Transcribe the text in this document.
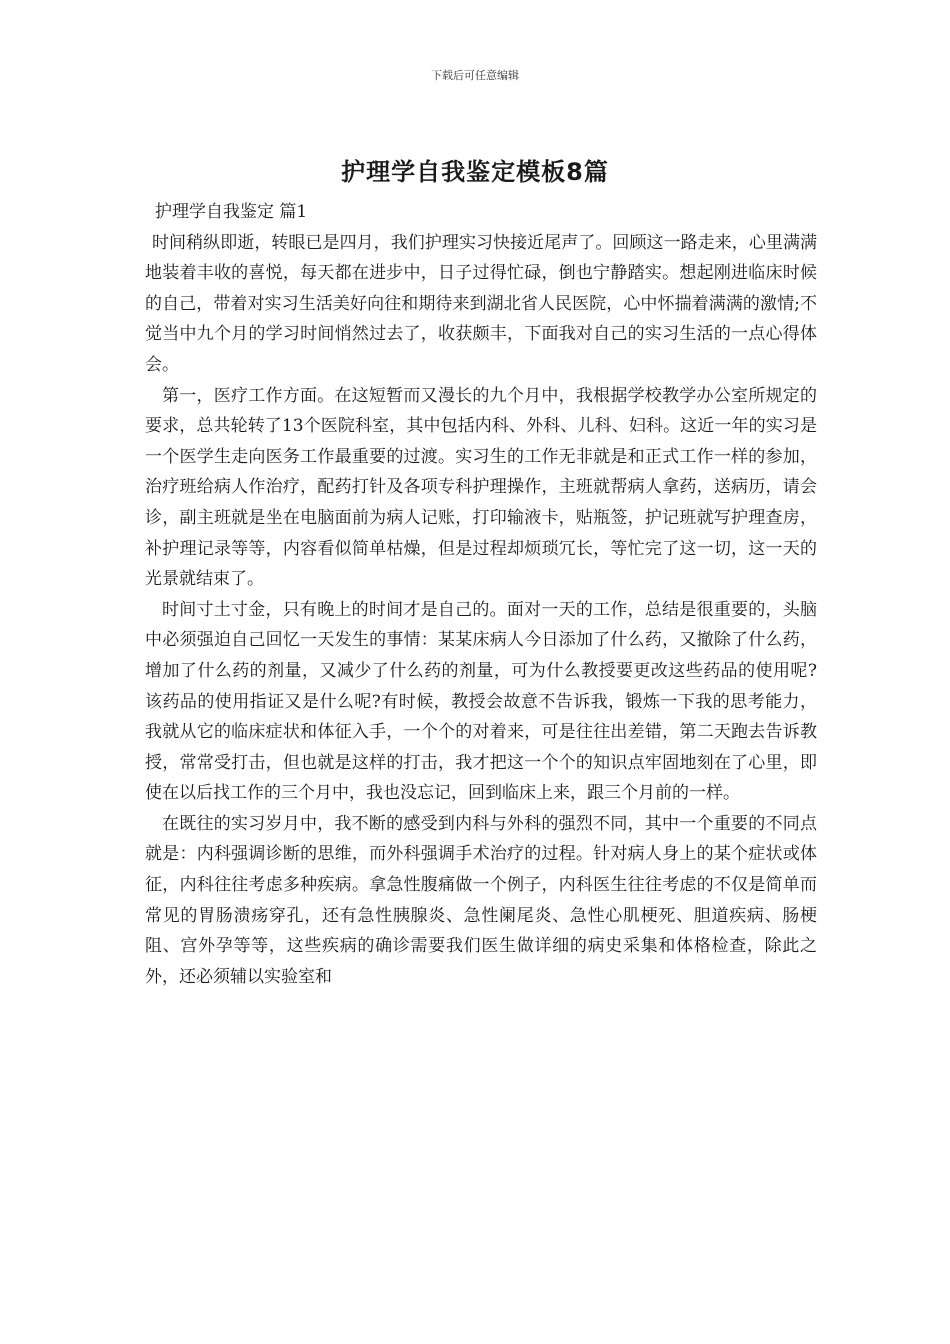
下载后可任意编辑
护理学自我鉴定模板8篇

护理学自我鉴定 篇1

时间稍纵即逝，转眼已是四月，我们护理实习快接近尾声了。回顾这一路走来，心里满满地装着丰收的喜悦，每天都在进步中，日子过得忙碌，倒也宁静踏实。想起刚进临床时候的自己，带着对实习生活美好向往和期待来到湖北省人民医院，心中怀揣着满满的激情;不觉当中九个月的学习时间悄然过去了，收获颇丰，下面我对自己的实习生活的一点心得体会。

第一，医疗工作方面。在这短暂而又漫长的九个月中，我根据学校教学办公室所规定的要求，总共轮转了13个医院科室，其中包括内科、外科、儿科、妇科。这近一年的实习是一个医学生走向医务工作最重要的过渡。实习生的工作无非就是和正式工作一样的参加，治疗班给病人作治疗，配药打针及各项专科护理操作，主班就帮病人拿药，送病历，请会诊，副主班就是坐在电脑面前为病人记账，打印输液卡，贴瓶签，护记班就写护理查房，补护理记录等等，内容看似简单枯燥，但是过程却烦琐冗长，等忙完了这一切，这一天的光景就结束了。

时间寸土寸金，只有晚上的时间才是自己的。面对一天的工作，总结是很重要的，头脑中必须强迫自己回忆一天发生的事情：某某床病人今日添加了什么药，又撤除了什么药，增加了什么药的剂量，又减少了什么药的剂量，可为什么教授要更改这些药品的使用呢?该药品的使用指证又是什么呢?有时候，教授会故意不告诉我，锻炼一下我的思考能力，我就从它的临床症状和体征入手，一个个的对着来，可是往往出差错，第二天跑去告诉教授，常常受打击，但也就是这样的打击，我才把这一个个的知识点牢固地刻在了心里，即使在以后找工作的三个月中，我也没忘记，回到临床上来，跟三个月前的一样。

在既往的实习岁月中，我不断的感受到内科与外科的强烈不同，其中一个重要的不同点就是：内科强调诊断的思维，而外科强调手术治疗的过程。针对病人身上的某个症状或体征，内科往往考虑多种疾病。拿急性腹痛做一个例子，内科医生往往考虑的不仅是简单而常见的胃肠溃疡穿孔，还有急性胰腺炎、急性阑尾炎、急性心肌梗死、胆道疾病、肠梗阻、宫外孕等等，这些疾病的确诊需要我们医生做详细的病史采集和体格检查，除此之外，还必须辅以实验室和
